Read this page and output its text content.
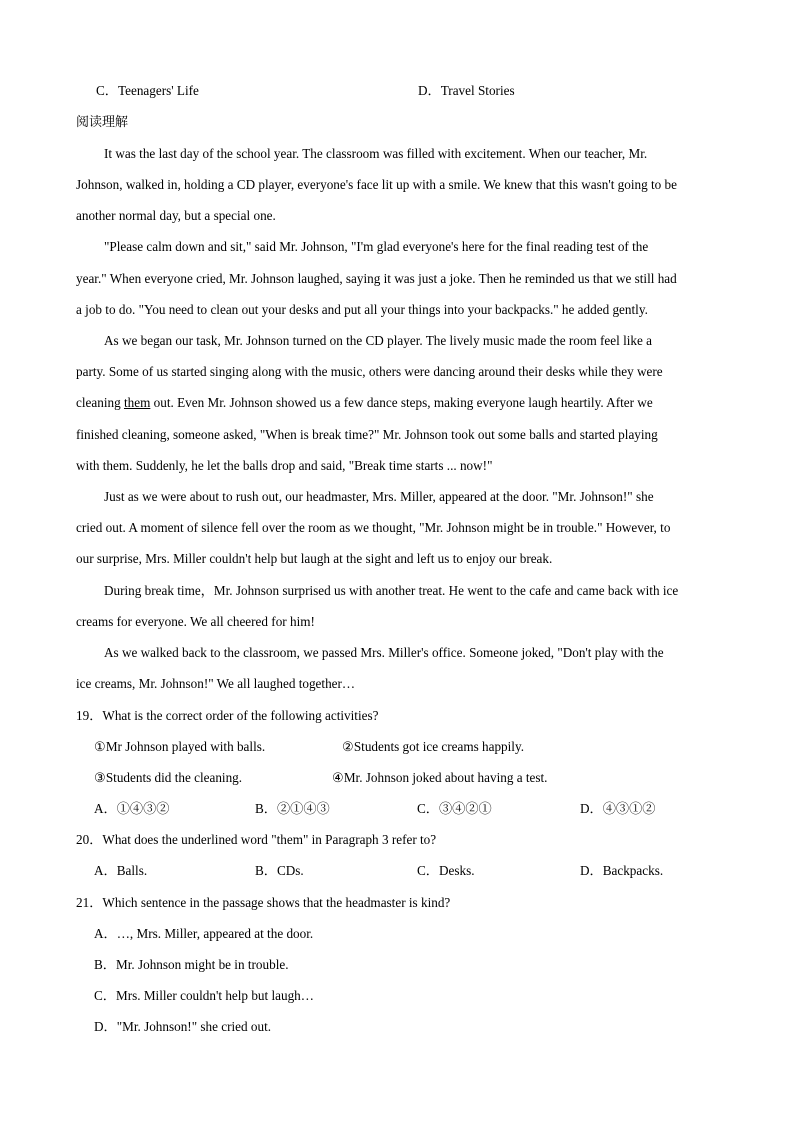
C．Teenagers' Life	D．Travel Stories
阅读理解
It was the last day of the school year. The classroom was filled with excitement. When our teacher, Mr.
Johnson, walked in, holding a CD player, everyone's face lit up with a smile. We knew that this wasn't going to be
another normal day, but a special one.
"Please calm down and sit," said Mr. Johnson, "I'm glad everyone's here for the final reading test of the
year." When everyone cried, Mr. Johnson laughed, saying it was just a joke. Then he reminded us that we still had
a job to do. "You need to clean out your desks and put all your things into your backpacks." he added gently.
As we began our task, Mr. Johnson turned on the CD player. The lively music made the room feel like a
party. Some of us started singing along with the music, others were dancing around their desks while they were
cleaning them out. Even Mr. Johnson showed us a few dance steps, making everyone laugh heartily. After we
finished cleaning, someone asked, "When is break time?" Mr. Johnson took out some balls and started playing
with them. Suddenly, he let the balls drop and said, "Break time starts ... now!"
Just as we were about to rush out, our headmaster, Mrs. Miller, appeared at the door. "Mr. Johnson!" she
cried out. A moment of silence fell over the room as we thought, "Mr. Johnson might be in trouble." However, to
our surprise, Mrs. Miller couldn't help but laugh at the sight and left us to enjoy our break.
During break time，Mr. Johnson surprised us with another treat. He went to the cafe and came back with ice
creams for everyone. We all cheered for him!
As we walked back to the classroom, we passed Mrs. Miller's office. Someone joked, "Don't play with the
ice creams, Mr. Johnson!" We all laughed together…
19．What is the correct order of the following activities?
①Mr Johnson played with balls.	②Students got ice creams happily.
③Students did the cleaning.	④Mr. Johnson joked about having a test.
A．①④③②	B．②①④③	C．③④②①	D．④③①②
20．What does the underlined word "them" in Paragraph 3 refer to?
A．Balls.	B．CDs.	C．Desks.	D．Backpacks.
21．Which sentence in the passage shows that the headmaster is kind?
A．…, Mrs. Miller, appeared at the door.
B．Mr. Johnson might be in trouble.
C．Mrs. Miller couldn't help but laugh…
D．"Mr. Johnson!" she cried out.
